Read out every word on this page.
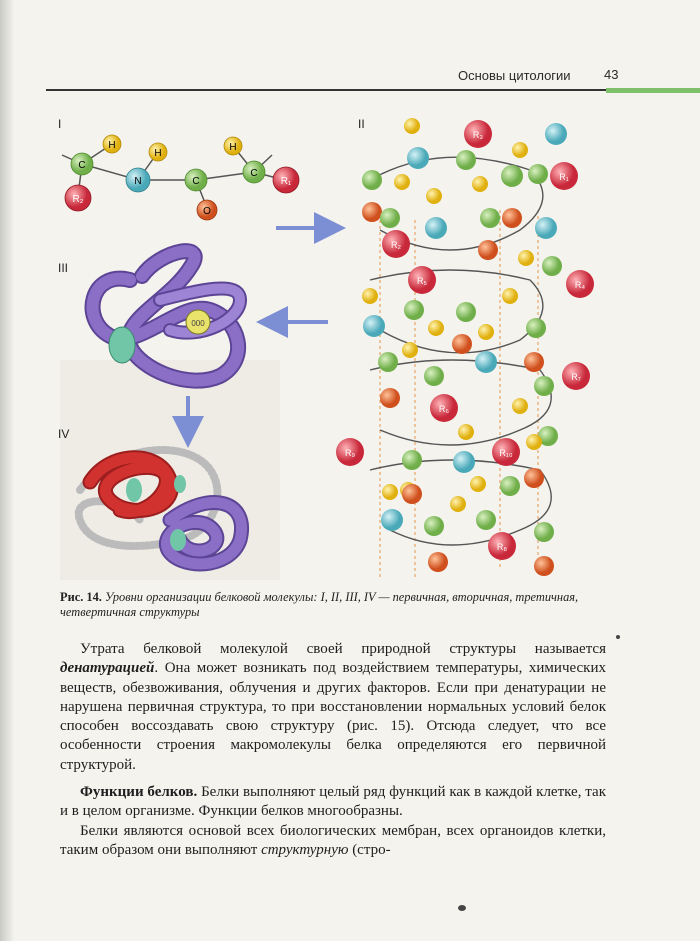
Основы цитологии	43
I	II
III
IV
C
H
N
H
C
O
H
C
R₁
R₂
R₃
R₁
R₂
R₄
R₅
R₆
R₇
R₉	R₁₀
R₈
000
Рис. 14. Уровни организации белковой молекулы: I, II, III, IV — первичная, вторичная, третичная, четвертичная структуры

Утрата белковой молекулой своей природной структуры называется денатурацией. Она может возникать под воздействием температуры, химических веществ, обезвоживания, облучения и других факторов. Если при денатурации не нарушена первичная структура, то при восстановлении нормальных условий белок способен воссоздавать свою структуру (рис. 15). Отсюда следует, что все особенности строения макромолекулы белка определяются его первичной структурой.

Функции белков. Белки выполняют целый ряд функций как в каждой клетке, так и в целом организме. Функции белков многообразны.

Белки являются основой всех биологических мембран, всех органоидов клетки, таким образом они выполняют структурную (стро-
